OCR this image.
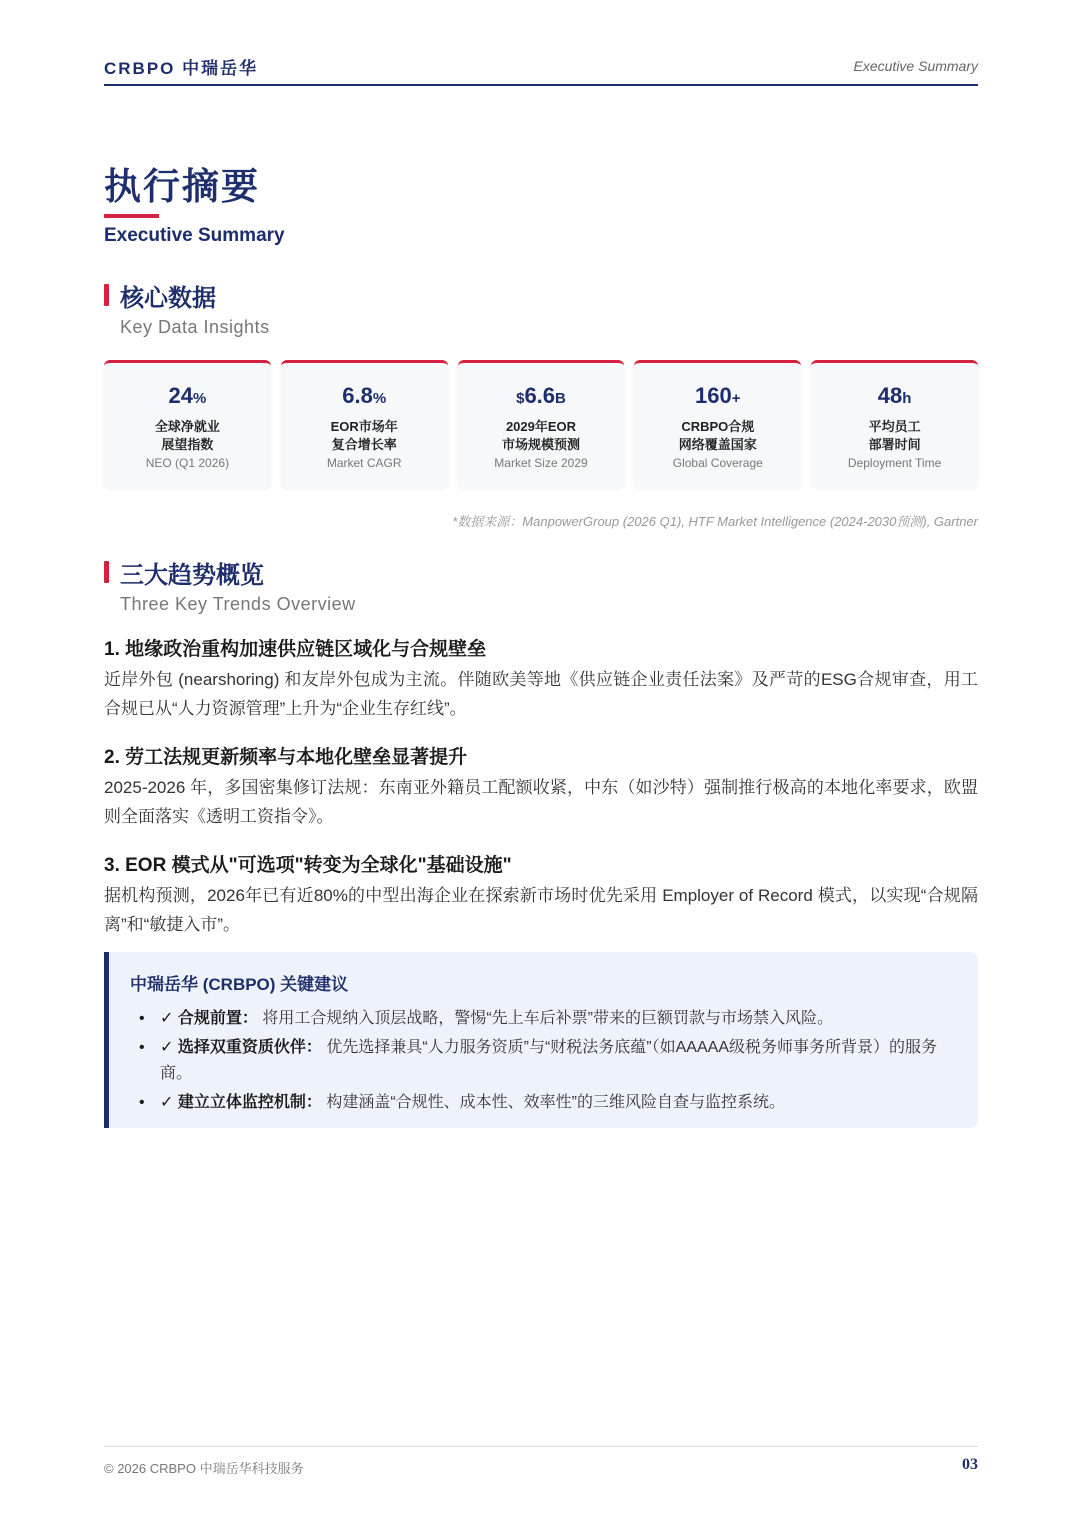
CRBPO 中瑞岳华	Executive Summary
执行摘要
Executive Summary
核心数据
Key Data Insights
24%
全球净就业
展望指数
NEO (Q1 2026)
6.8%
EOR市场年
复合增长率
Market CAGR
$6.6B
2029年EOR
市场规模预测
Market Size 2029
160+
CRBPO合规
网络覆盖国家
Global Coverage
48h
平均员工
部署时间
Deployment Time
*数据来源：ManpowerGroup (2026 Q1), HTF Market Intelligence (2024-2030预测), Gartner
三大趋势概览
Three Key Trends Overview
1. 地缘政治重构加速供应链区域化与合规壁垒
近岸外包 (nearshoring) 和友岸外包成为主流。伴随欧美等地《供应链企业责任法案》及严苛的ESG合规审查，用工合规已从“人力资源管理”上升为“企业生存红线”。
2. 劳工法规更新频率与本地化壁垒显著提升
2025-2026 年，多国密集修订法规：东南亚外籍员工配额收紧，中东（如沙特）强制推行极高的本地化率要求，欧盟则全面落实《透明工资指令》。
3. EOR 模式从"可选项"转变为全球化"基础设施"
据机构预测，2026年已有近80%的中型出海企业在探索新市场时优先采用 Employer of Record 模式，以实现“合规隔离”和“敏捷入市”。
中瑞岳华 (CRBPO) 关键建议
• ✓ 合规前置： 将用工合规纳入顶层战略，警惕“先上车后补票”带来的巨额罚款与市场禁入风险。
• ✓ 选择双重资质伙伴： 优先选择兼具“人力服务资质”与“财税法务底蕴”（如AAAAA级税务师事务所背景）的服务商。
• ✓ 建立立体监控机制： 构建涵盖“合规性、成本性、效率性”的三维风险自查与监控系统。
© 2026 CRBPO 中瑞岳华科技服务	03
